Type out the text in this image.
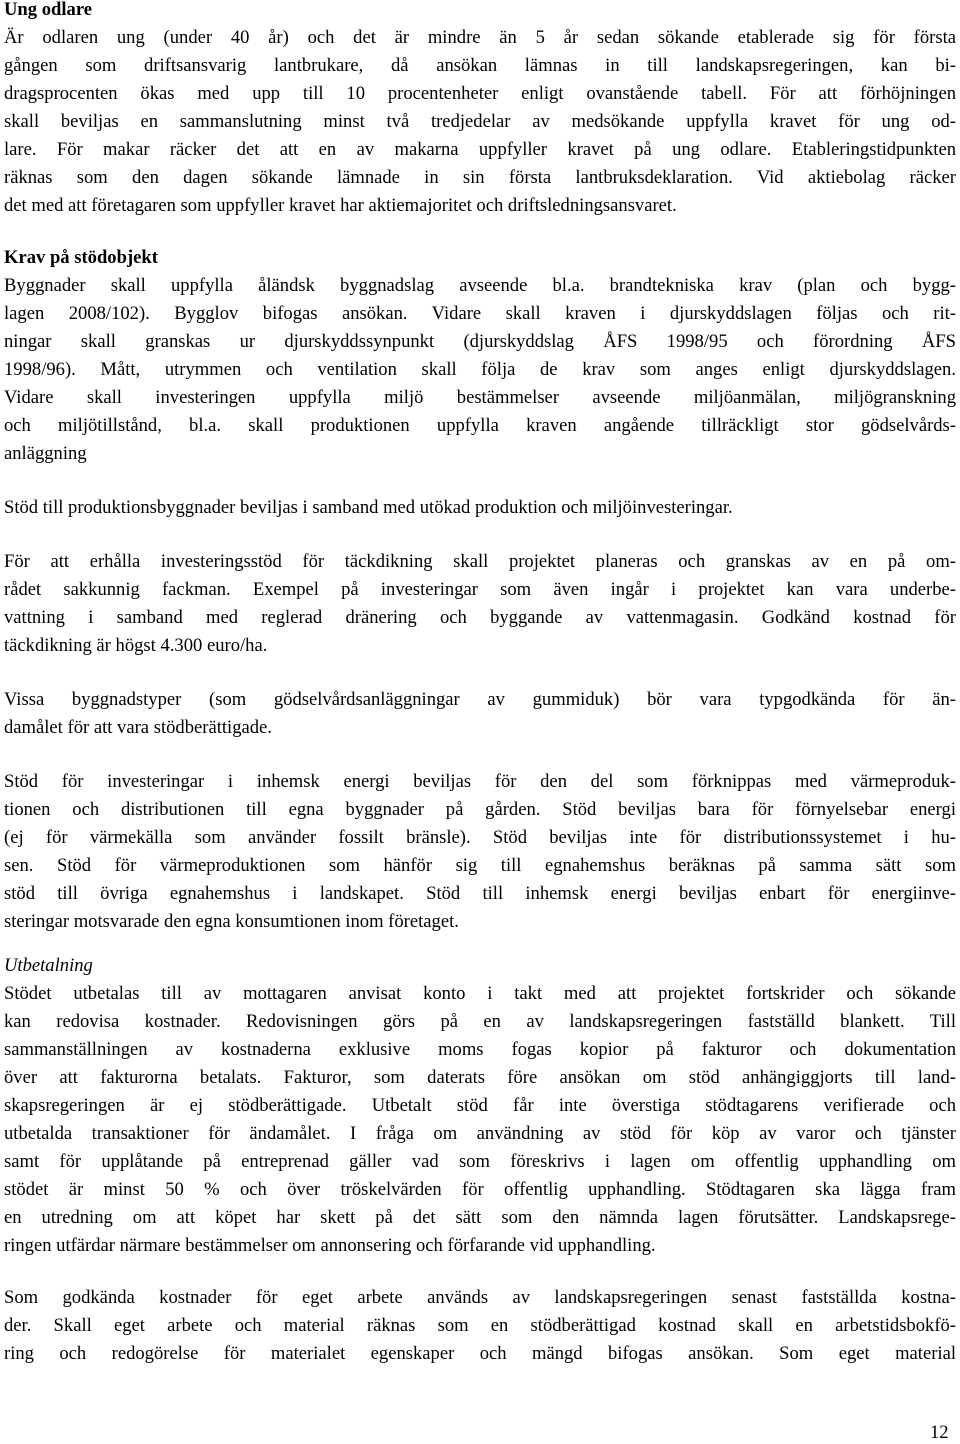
Ung odlare
Är odlaren ung (under 40 år) och det är mindre än 5 år sedan sökande etablerade sig för första
gången som driftsansvarig lantbrukare, då ansökan lämnas in till landskapsregeringen, kan bi-
dragsprocenten ökas med upp till 10 procentenheter enligt ovanstående tabell. För att förhöjningen
skall beviljas en sammanslutning minst två tredjedelar av medsökande uppfylla kravet för ung od-
lare. För makar räcker det att en av makarna uppfyller kravet på ung odlare. Etableringstidpunkten
räknas som den dagen sökande lämnade in sin första lantbruksdeklaration. Vid aktiebolag räcker
det med att företagaren som uppfyller kravet har aktiemajoritet och driftsledningsansvaret.
Krav på stödobjekt
Byggnader skall uppfylla åländsk byggnadslag avseende bl.a. brandtekniska krav (plan och bygg-
lagen 2008/102). Bygglov bifogas ansökan. Vidare skall kraven i djurskyddslagen följas och rit-
ningar skall granskas ur djurskyddssynpunkt (djurskyddslag ÅFS 1998/95 och förordning ÅFS
1998/96). Mått, utrymmen och ventilation skall följa de krav som anges enligt djurskyddslagen.
Vidare skall investeringen uppfylla miljö bestämmelser avseende miljöanmälan, miljögranskning
och miljötillstånd, bl.a. skall produktionen uppfylla kraven angående tillräckligt stor gödselvårds-
anläggning
Stöd till produktionsbyggnader beviljas i samband med utökad produktion och miljöinvesteringar.
För att erhålla investeringsstöd för täckdikning skall projektet planeras och granskas av en på om-
rådet sakkunnig fackman. Exempel på investeringar som även ingår i projektet kan vara underbe-
vattning i samband med reglerad dränering och byggande av vattenmagasin. Godkänd kostnad för
täckdikning är högst 4.300 euro/ha.
Vissa byggnadstyper (som gödselvårdsanläggningar av gummiduk) bör vara typgodkända för än-
damålet för att vara stödberättigade.
Stöd för investeringar i inhemsk energi beviljas för den del som förknippas med värmeproduk-
tionen och distributionen till egna byggnader på gården. Stöd beviljas bara för förnyelsebar energi
(ej för värmekälla som använder fossilt bränsle). Stöd beviljas inte för distributionssystemet i hu-
sen. Stöd för värmeproduktionen som hänför sig till egnahemshus beräknas på samma sätt som
stöd till övriga egnahemshus i landskapet. Stöd till inhemsk energi beviljas enbart för energiinve-
steringar motsvarade den egna konsumtionen inom företaget.
Utbetalning
Stödet utbetalas till av mottagaren anvisat konto i takt med att projektet fortskrider och sökande
kan redovisa kostnader. Redovisningen görs på en av landskapsregeringen fastställd blankett. Till
sammanställningen av kostnaderna exklusive moms fogas kopior på fakturor och dokumentation
över att fakturorna betalats. Fakturor, som daterats före ansökan om stöd anhängiggjorts till land-
skapsregeringen är ej stödberättigade. Utbetalt stöd får inte överstiga stödtagarens verifierade och
utbetalda transaktioner för ändamålet. I fråga om användning av stöd för köp av varor och tjänster
samt för upplåtande på entreprenad gäller vad som föreskrivs i lagen om offentlig upphandling om
stödet är minst 50 % och över tröskelvärden för offentlig upphandling. Stödtagaren ska lägga fram
en utredning om att köpet har skett på det sätt som den nämnda lagen förutsätter. Landskapsrege-
ringen utfärdar närmare bestämmelser om annonsering och förfarande vid upphandling.
Som godkända kostnader för eget arbete används av landskapsregeringen senast fastställda kostna-
der. Skall eget arbete och material räknas som en stödberättigad kostnad skall en arbetstidsbokfö-
ring och redogörelse för materialet egenskaper och mängd bifogas ansökan. Som eget material
12
